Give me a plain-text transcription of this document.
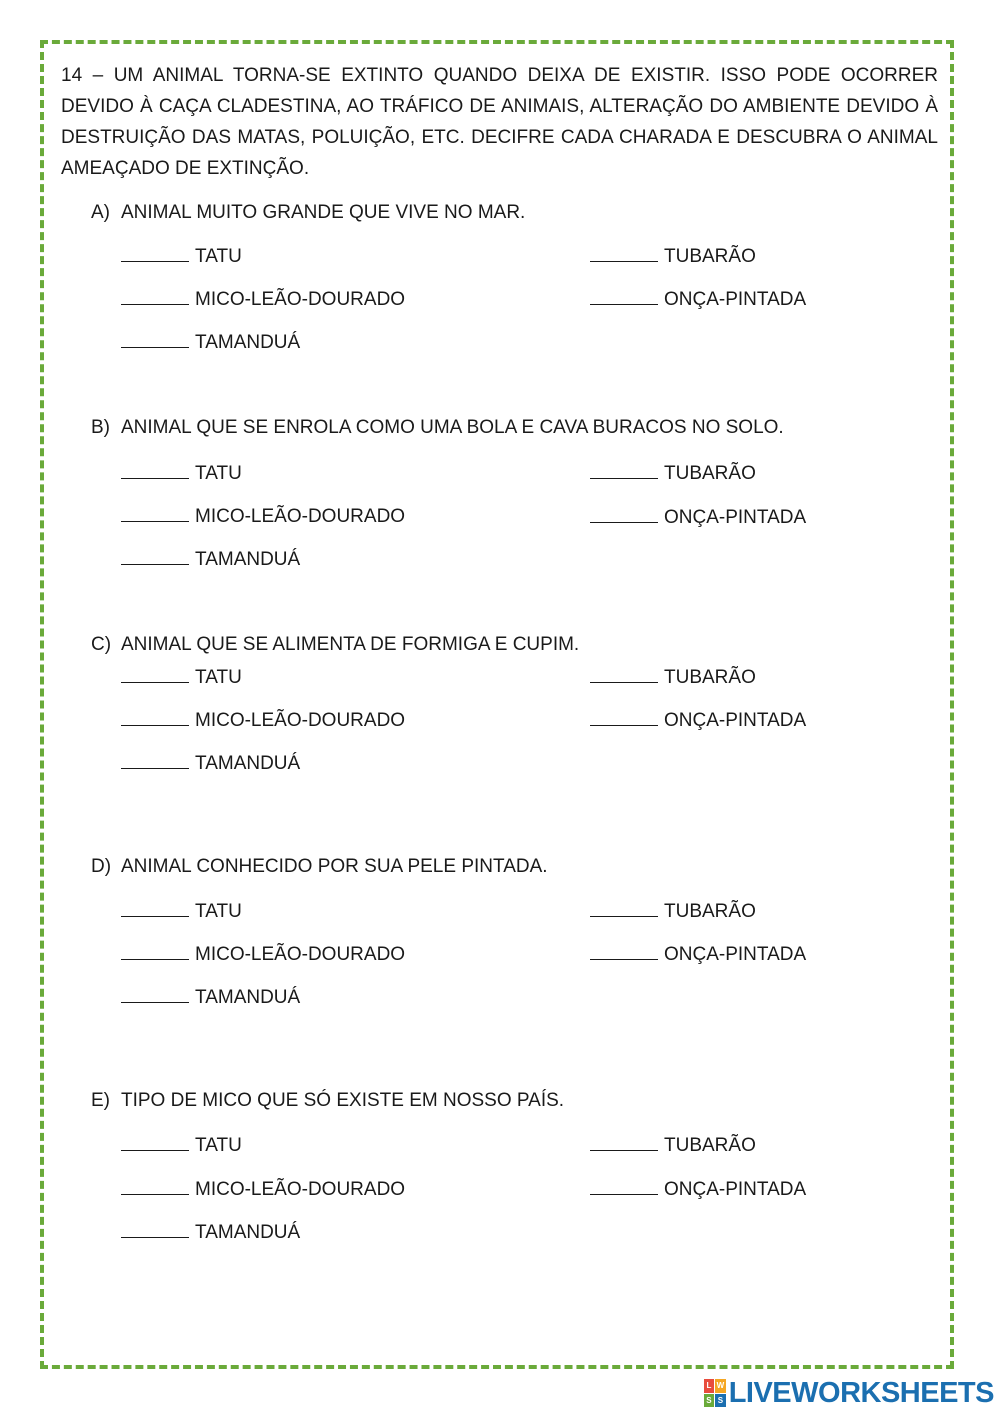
14 – UM ANIMAL TORNA-SE EXTINTO QUANDO DEIXA DE EXISTIR. ISSO PODE OCORRER DEVIDO À CAÇA CLADESTINA, AO TRÁFICO DE ANIMAIS, ALTERAÇÃO DO AMBIENTE DEVIDO À DESTRUIÇÃO DAS MATAS, POLUIÇÃO, ETC. DECIFRE CADA CHARADA E DESCUBRA O ANIMAL AMEAÇADO DE EXTINÇÃO.

A) ANIMAL MUITO GRANDE QUE VIVE NO MAR.
TATU	TUBARÃO
MICO-LEÃO-DOURADO	ONÇA-PINTADA
TAMANDUÁ
B) ANIMAL QUE SE ENROLA COMO UMA BOLA E CAVA BURACOS NO SOLO.
TATU	TUBARÃO
MICO-LEÃO-DOURADO	ONÇA-PINTADA
TAMANDUÁ
C) ANIMAL QUE SE ALIMENTA DE FORMIGA E CUPIM.
TATU	TUBARÃO
MICO-LEÃO-DOURADO	ONÇA-PINTADA
TAMANDUÁ
D) ANIMAL CONHECIDO POR SUA PELE PINTADA.
TATU	TUBARÃO
MICO-LEÃO-DOURADO	ONÇA-PINTADA
TAMANDUÁ
E) TIPO DE MICO QUE SÓ EXISTE EM NOSSO PAÍS.
TATU	TUBARÃO
MICO-LEÃO-DOURADO	ONÇA-PINTADA
TAMANDUÁ
L W
S S LIVEWORKSHEETS
